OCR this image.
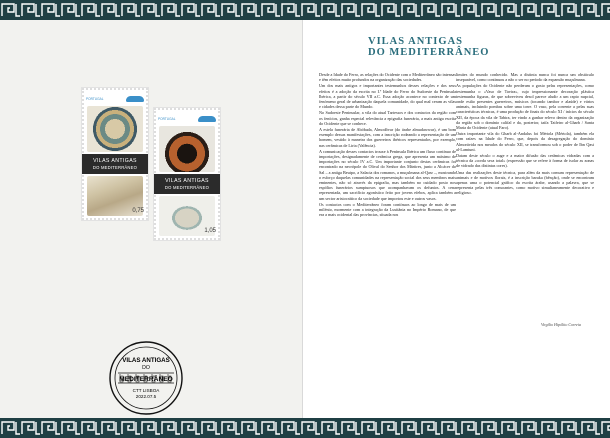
PORTUGAL
VILAS ANTIGAS
DO MEDITERRÂNEO
0,75
PORTUGAL
VILAS ANTIGAS
DO MEDITERRÂNEO
1,05
VILAS ANTIGAS
DO
MEDITERRÂNEO
CTT LISBOA
2022.07.5
VILAS ANTIGAS
DO MEDITERRÂNEO

Desde a Idade do Ferro, as relações do Ocidente com o Mediterrâneo são intensas e têm efeitos muito profundos na organização das sociedades.

Um dos mais antigos e importantes testemunhos desses relações e dos seus efeitos é a adoção da escrita no I.º Idade do Ferro do Sudoeste da Península Ibérica, a partir do século VII a.C. Essa adoção acontece no contexto de um fenómeno geral de urbanização daquela comunidade, do qual mal ceram as vilas e cidades dessa parte do Mundo.

No Sudoeste Peninsular, a vila do atual Tartessos e dos contactos da região com os fenícios, ganha especial relevância a epigrafia funerária, a mais antiga escrita do Ocidente que se conhece.

A estela funerária de Abóbada, Almodôvar (do árabe almudawwar), é um bom exemplo dessas manifestações, com a inscrição rodeando a representação de um homem, vestido à maneira dos guerreiros ibéricos representados, por exemplo, nas cerâmicas de Liria (Valência).

A comunicação desses contactos trouxe à Península Ibérica um fluxo contínuo de importações, designadamente de cerâmica grega, que apresenta um máximo de importações no século IV a.C. Um importante conjunto destas cerâmicas foi encontrado na necrópole do Olival do Senhor dos Mártires, junto a Alcácer do Sal – a antiga Beuipo, a Salacia dos romanos, a muçulmana al-Qasr –, mostrando o esforço daquelas comunidades na representação social dos seus membros mais eminentes, não só através da epigrafia, mas também no cuidado posto nos espólios funerários sumptuosos que acompanhavam os defuntos. A cena representada, um sacrifício agonístico feito por jovens efebos, aplica também a um sector aristocrático da sociedade que importou este e outros vasos.

Os contactos com o Mediterrâneo foram contínuos ao longo de mais de um milénio, mormente com a integração da Lusitânia no Império Romano, de que era a mais ocidental das províncias, situada nos

limites do mundo conhecido. Mas a distinta nunca foi nunca um obstáculo inseparável, como continuou a não o ser no período da expansão muçulmana.

As populações do Ocidente não perderam o gosto pelas representações, como testemunha o «Vaso de Tavira», cujo impressionante decoração plástica testemunha figuras, de que sobreviveu desol parece aludir a um rapto nupcial, onde estão presentes guerreiros, músicos (tocando tambor e alaúde) e vários animais, incluindo pombas sobre uma torre. O vaso, pela corrente a pelas suas características técnicas, é uma produção de finais do século XI / inícios do século XII, da época da vila de Tabira, ter vindo a ganhar relevo dentro da organização da região sob o domínio califal e da, posterior, taifa Taifeiro al-Gharb / Santa Maria do Ocidente (atual Faro).

Outra importante vila do Gharb al-Andalus foi Mértola (Mértola), também ela com raízes na Idade do Ferro, que, depois da desagregação do domínio Almorávida nos meados do século XII, se transformou sob o poder de Ibn Qasi al-Lamtuni.

Datam deste século o auge e a maior difusão das cerâmicas vidradas com a técnica da «corda seca total» (expressão que se refere à forma de isolar as zonas de vidrado das distintas cores).

Uma das realizações deste técnica, para além da mais comum representação de animais e de motivos florais, é a inscrição baraka (bênção), onde se encontram apenas uma o potencial gráfico da escrita árabe, usando a palavra, que se representa pelas três consoantes, como motivo simultaneamente decorativo e religioso.

Virgílio Hipólito Correia
